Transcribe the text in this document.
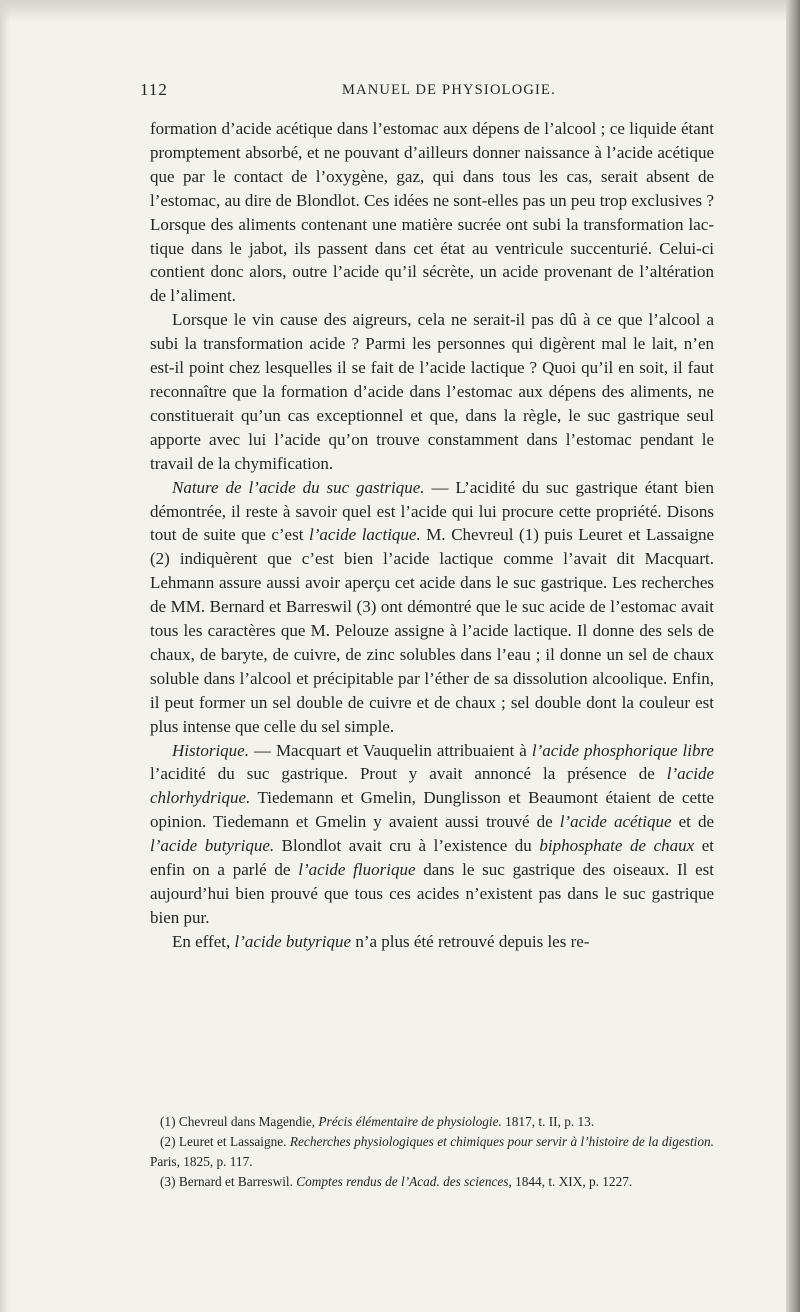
112	MANUEL DE PHYSIOLOGIE.

formation d’acide acétique dans l’estomac aux dépens de l’alcool ; ce liquide étant promptement absorbé, et ne pouvant d’ailleurs donner naissance à l’acide acétique que par le contact de l’oxygène, gaz, qui dans tous les cas, serait absent de l’estomac, au dire de Blondlot. Ces idées ne sont-elles pas un peu trop exclusives ? Lorsque des aliments contenant une matière sucrée ont subi la transformation lactique dans le jabot, ils passent dans cet état au ventricule succenturié. Celui-ci contient donc alors, outre l’acide qu’il sécrète, un acide provenant de l’altération de l’aliment.

Lorsque le vin cause des aigreurs, cela ne serait-il pas dû à ce que l’alcool a subi la transformation acide ? Parmi les personnes qui digèrent mal le lait, n’en est-il point chez lesquelles il se fait de l’acide lactique ? Quoi qu’il en soit, il faut reconnaître que la formation d’acide dans l’estomac aux dépens des aliments, ne constituerait qu’un cas exceptionnel et que, dans la règle, le suc gastrique seul apporte avec lui l’acide qu’on trouve constamment dans l’estomac pendant le travail de la chymification.

Nature de l’acide du suc gastrique. — L’acidité du suc gastrique étant bien démontrée, il reste à savoir quel est l’acide qui lui procure cette propriété. Disons tout de suite que c’est l’acide lactique. M. Chevreul (1) puis Leuret et Lassaigne (2) indiquèrent que c’est bien l’acide lactique comme l’avait dit Macquart. Lehmann assure aussi avoir aperçu cet acide dans le suc gastrique. Les recherches de MM. Bernard et Barreswil (3) ont démontré que le suc acide de l’estomac avait tous les caractères que M. Pelouze assigne à l’acide lactique. Il donne des sels de chaux, de baryte, de cuivre, de zinc solubles dans l’eau ; il donne un sel de chaux soluble dans l’alcool et précipitable par l’éther de sa dissolution alcoolique. Enfin, il peut former un sel double de cuivre et de chaux ; sel double dont la couleur est plus intense que celle du sel simple.

Historique. — Macquart et Vauquelin attribuaient à l’acide phosphorique libre l’acidité du suc gastrique. Prout y avait annoncé la présence de l’acide chlorhydrique. Tiedemann et Gmelin, Dunglisson et Beaumont étaient de cette opinion. Tiedemann et Gmelin y avaient aussi trouvé de l’acide acétique et de l’acide butyrique. Blondlot avait cru à l’existence du biphosphate de chaux et enfin on a parlé de l’acide fluorique dans le suc gastrique des oiseaux. Il est aujourd’hui bien prouvé que tous ces acides n’existent pas dans le suc gastrique bien pur.

En effet, l’acide butyrique n’a plus été retrouvé depuis les re-

(1) Chevreul dans Magendie, Précis élémentaire de physiologie. 1817, t. II, p. 13.

(2) Leuret et Lassaigne. Recherches physiologiques et chimiques pour servir à l’histoire de la digestion. Paris, 1825, p. 117.

(3) Bernard et Barreswil. Comptes rendus de l’Acad. des sciences, 1844, t. XIX, p. 1227.
